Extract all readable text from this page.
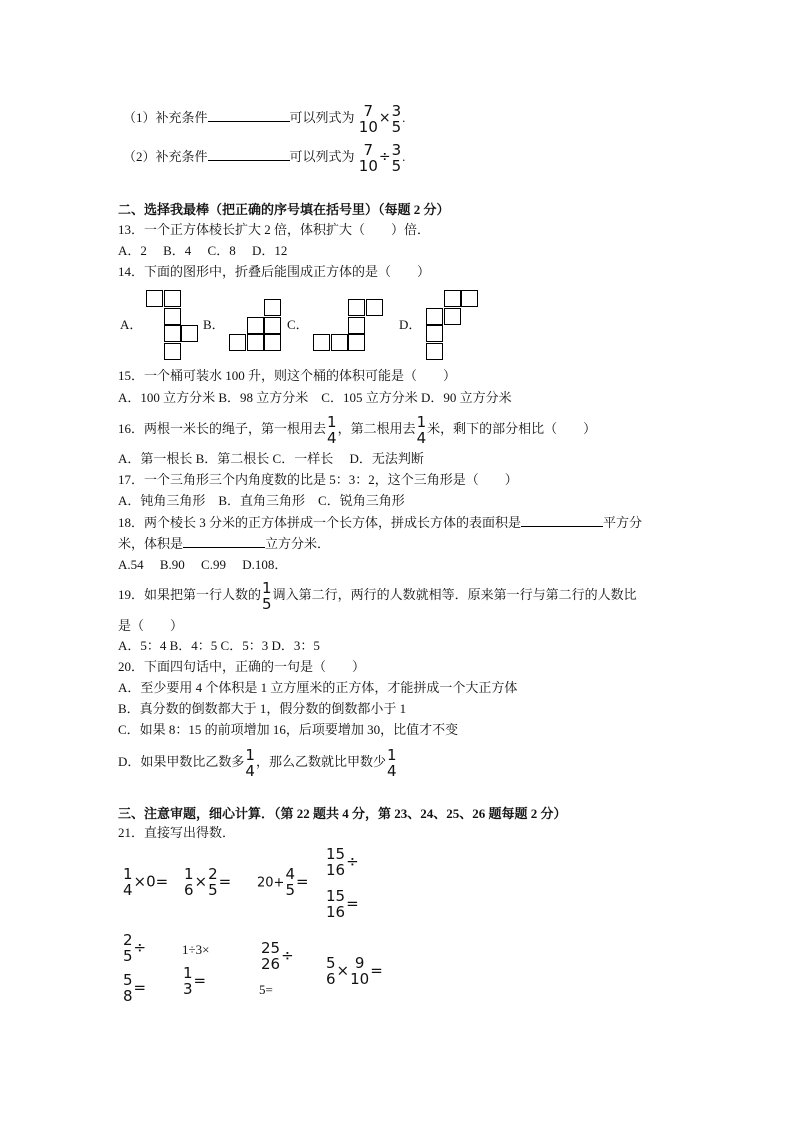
（1）补充条件	可以列式为 7
10
× 3
5
.
（2）补充条件	可以列式为 7
10
÷ 3
5
.
二、选择我最棒（把正确的序号填在括号里）（每题 2 分）
13．一个正方体棱长扩大 2 倍，体积扩大（　　）倍．
A．2　 B．4　 C．8　 D．12
14．下面的图形中，折叠后能围成正方体的是（　　）
A．	B．	C．	D．
15．一个桶可装水 100 升，则这个桶的体积可能是（　　）
A．100 立方分米 B．98 立方分米　C．105 立方分米 D．90 立方分米
16．两根一米长的绳子，第一根用去 1
4
，第二根用去 1
4
米，剩下的部分相比（　　）
A．第一根长 B．第二根长 C．一样长　 D．无法判断
17．一个三角形三个内角度数的比是 5：3：2，这个三角形是（　　）
A．钝角三角形　B．直角三角形　C．锐角三角形
18．两个棱长 3 分米的正方体拼成一个长方体，拼成长方体的表面积是	平方分
米，体积是	立方分米．
A.54　 B.90　 C.99　 D.108．
19．如果把第一行人数的 1
5
调入第二行，两行的人数就相等．原来第一行与第二行的人数比
是（　　）
A．5：4 B．4：5 C．5：3 D．3：5
20．下面四句话中，正确的一句是（　　）
A．至少要用 4 个体积是 1 立方厘米的正方体，才能拼成一个大正方体
B．真分数的倒数都大于 1，假分数的倒数都小于 1
C．如果 8：15 的前项增加 16，后项要增加 30，比值才不变
D．如果甲数比乙数多 1
4
，那么乙数就比甲数少 1
4
三、注意审题，细心计算．（第 22 题共 4 分，第 23、24、25、26 题每题 2 分）
21．直接写出得数．
1
4 ×0= 1
6 × 2
5 = 20+ 4
5 =
15
16 ÷
15
16 =
2
5 ÷
5
8 =
1÷3×
1
3 =
25
26 ÷
5=
5
6 × 9
10 =
